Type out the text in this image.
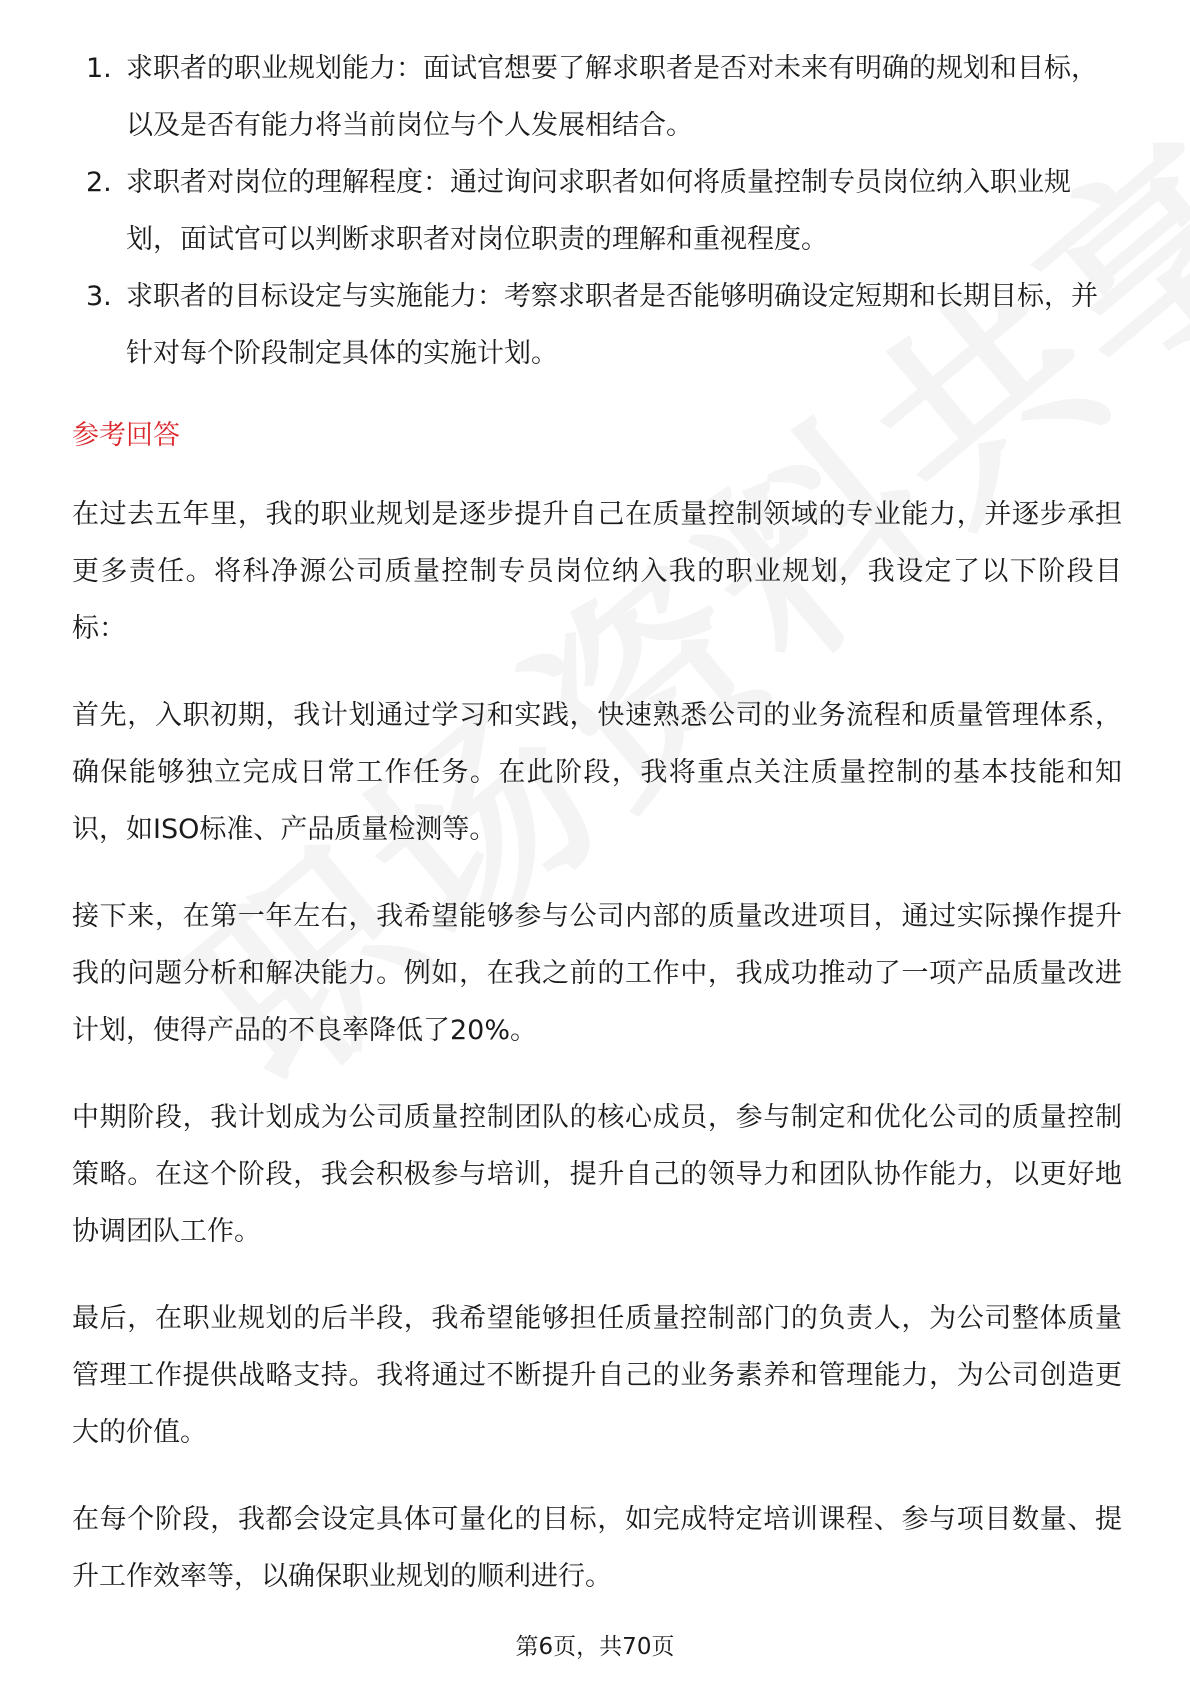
1. 求职者的职业规划能力：面试官想要了解求职者是否对未来有明确的规划和目标，以及是否有能力将当前岗位与个人发展相结合。
2. 求职者对岗位的理解程度：通过询问求职者如何将质量控制专员岗位纳入职业规划，面试官可以判断求职者对岗位职责的理解和重视程度。
3. 求职者的目标设定与实施能力：考察求职者是否能够明确设定短期和长期目标，并针对每个阶段制定具体的实施计划。
参考回答

在过去五年里，我的职业规划是逐步提升自己在质量控制领域的专业能力，并逐步承担更多责任。将科净源公司质量控制专员岗位纳入我的职业规划，我设定了以下阶段目标：

首先，入职初期，我计划通过学习和实践，快速熟悉公司的业务流程和质量管理体系，确保能够独立完成日常工作任务。在此阶段，我将重点关注质量控制的基本技能和知识，如ISO标准、产品质量检测等。

接下来，在第一年左右，我希望能够参与公司内部的质量改进项目，通过实际操作提升我的问题分析和解决能力。例如，在我之前的工作中，我成功推动了一项产品质量改进计划，使得产品的不良率降低了20%。

中期阶段，我计划成为公司质量控制团队的核心成员，参与制定和优化公司的质量控制策略。在这个阶段，我会积极参与培训，提升自己的领导力和团队协作能力，以更好地协调团队工作。

最后，在职业规划的后半段，我希望能够担任质量控制部门的负责人，为公司整体质量管理工作提供战略支持。我将通过不断提升自己的业务素养和管理能力，为公司创造更大的价值。

在每个阶段，我都会设定具体可量化的目标，如完成特定培训课程、参与项目数量、提升工作效率等，以确保职业规划的顺利进行。

第6页，共70页
